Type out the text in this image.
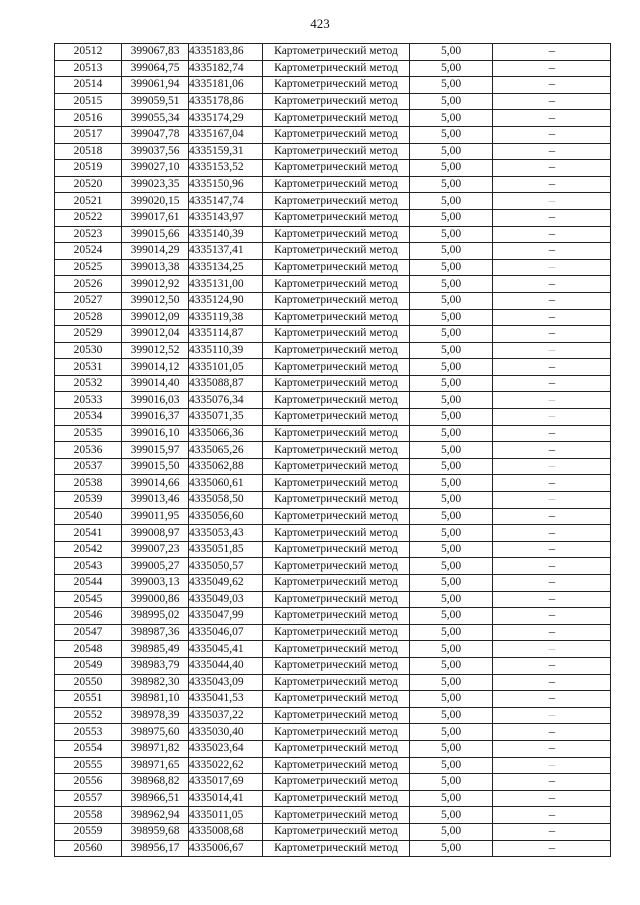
423
20512	399067,83	4335183,86	Картометрический метод	5,00	–
20513	399064,75	4335182,74	Картометрический метод	5,00	–
20514	399061,94	4335181,06	Картометрический метод	5,00	–
20515	399059,51	4335178,86	Картометрический метод	5,00	–
20516	399055,34	4335174,29	Картометрический метод	5,00	–
20517	399047,78	4335167,04	Картометрический метод	5,00	–
20518	399037,56	4335159,31	Картометрический метод	5,00	–
20519	399027,10	4335153,52	Картометрический метод	5,00	–
20520	399023,35	4335150,96	Картометрический метод	5,00	–
20521	399020,15	4335147,74	Картометрический метод	5,00	–
20522	399017,61	4335143,97	Картометрический метод	5,00	–
20523	399015,66	4335140,39	Картометрический метод	5,00	–
20524	399014,29	4335137,41	Картометрический метод	5,00	–
20525	399013,38	4335134,25	Картометрический метод	5,00	–
20526	399012,92	4335131,00	Картометрический метод	5,00	–
20527	399012,50	4335124,90	Картометрический метод	5,00	–
20528	399012,09	4335119,38	Картометрический метод	5,00	–
20529	399012,04	4335114,87	Картометрический метод	5,00	–
20530	399012,52	4335110,39	Картометрический метод	5,00	–
20531	399014,12	4335101,05	Картометрический метод	5,00	–
20532	399014,40	4335088,87	Картометрический метод	5,00	–
20533	399016,03	4335076,34	Картометрический метод	5,00	–
20534	399016,37	4335071,35	Картометрический метод	5,00	–
20535	399016,10	4335066,36	Картометрический метод	5,00	–
20536	399015,97	4335065,26	Картометрический метод	5,00	–
20537	399015,50	4335062,88	Картометрический метод	5,00	–
20538	399014,66	4335060,61	Картометрический метод	5,00	–
20539	399013,46	4335058,50	Картометрический метод	5,00	–
20540	399011,95	4335056,60	Картометрический метод	5,00	–
20541	399008,97	4335053,43	Картометрический метод	5,00	–
20542	399007,23	4335051,85	Картометрический метод	5,00	–
20543	399005,27	4335050,57	Картометрический метод	5,00	–
20544	399003,13	4335049,62	Картометрический метод	5,00	–
20545	399000,86	4335049,03	Картометрический метод	5,00	–
20546	398995,02	4335047,99	Картометрический метод	5,00	–
20547	398987,36	4335046,07	Картометрический метод	5,00	–
20548	398985,49	4335045,41	Картометрический метод	5,00	–
20549	398983,79	4335044,40	Картометрический метод	5,00	–
20550	398982,30	4335043,09	Картометрический метод	5,00	–
20551	398981,10	4335041,53	Картометрический метод	5,00	–
20552	398978,39	4335037,22	Картометрический метод	5,00	–
20553	398975,60	4335030,40	Картометрический метод	5,00	–
20554	398971,82	4335023,64	Картометрический метод	5,00	–
20555	398971,65	4335022,62	Картометрический метод	5,00	–
20556	398968,82	4335017,69	Картометрический метод	5,00	–
20557	398966,51	4335014,41	Картометрический метод	5,00	–
20558	398962,94	4335011,05	Картометрический метод	5,00	–
20559	398959,68	4335008,68	Картометрический метод	5,00	–
20560	398956,17	4335006,67	Картометрический метод	5,00	–
